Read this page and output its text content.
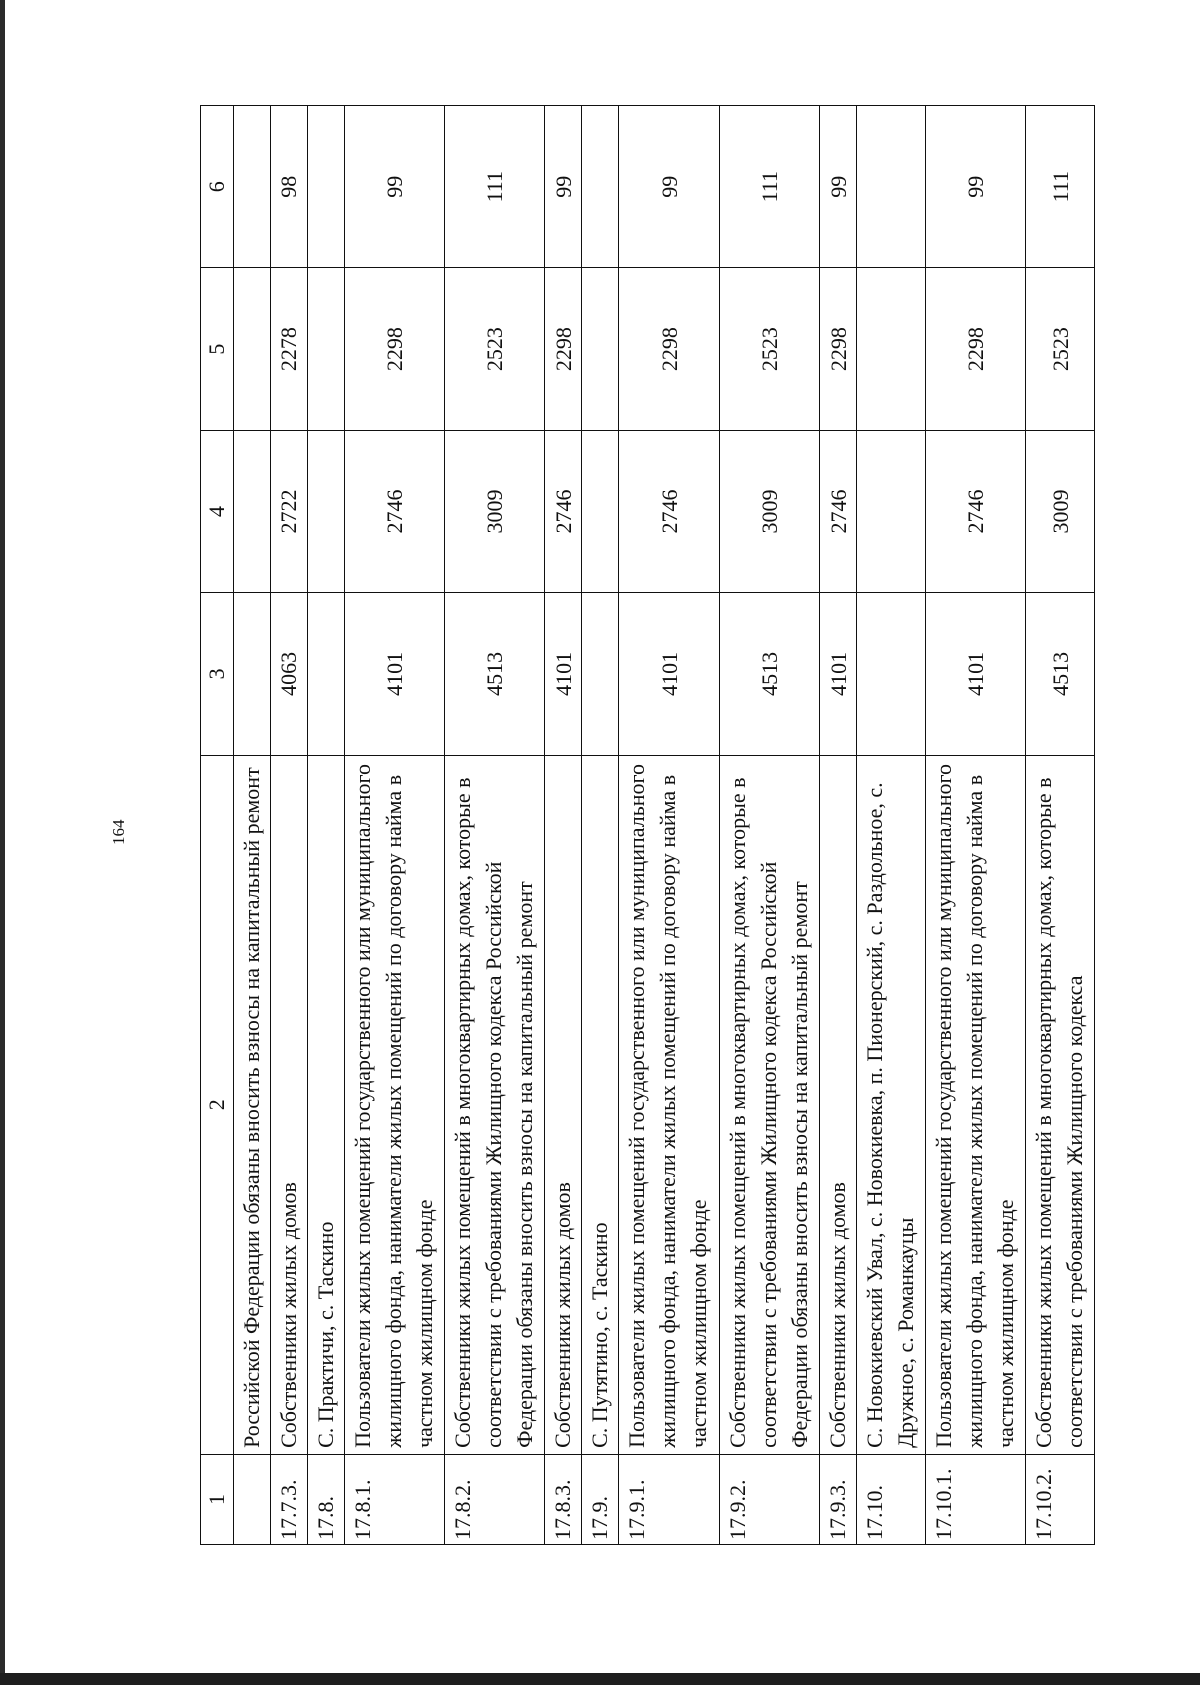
164
1	2	3	4	5	6
	Российской Федерации обязаны вносить взносы на капитальный ремонт				
17.7.3.	Собственники жилых домов	4063	2722	2278	98
17.8.	С. Практичи, с. Таскино				
17.8.1.	Пользователи жилых помещений государственного или муниципального жилищного фонда, наниматели жилых помещений по договору найма в частном жилищном фонде	4101	2746	2298	99
17.8.2.	Собственники жилых помещений в многоквартирных домах, которые в соответствии с требованиями Жилищного кодекса Российской Федерации обязаны вносить взносы на капитальный ремонт	4513	3009	2523	111
17.8.3.	Собственники жилых домов	4101	2746	2298	99
17.9.	С. Путятино, с. Таскино				
17.9.1.	Пользователи жилых помещений государственного или муниципального жилищного фонда, наниматели жилых помещений по договору найма в частном жилищном фонде	4101	2746	2298	99
17.9.2.	Собственники жилых помещений в многоквартирных домах, которые в соответствии с требованиями Жилищного кодекса Российской Федерации обязаны вносить взносы на капитальный ремонт	4513	3009	2523	111
17.9.3.	Собственники жилых домов	4101	2746	2298	99
17.10.	С. Новокиевский Увал, с. Новокиевка, п. Пионерский, с. Раздольное, с. Дружное, с. Романкауцы				
17.10.1.	Пользователи жилых помещений государственного или муниципального жилищного фонда, наниматели жилых помещений по договору найма в частном жилищном фонде	4101	2746	2298	99
17.10.2.	Собственники жилых помещений в многоквартирных домах, которые в соответствии с требованиями Жилищного кодекса	4513	3009	2523	111
